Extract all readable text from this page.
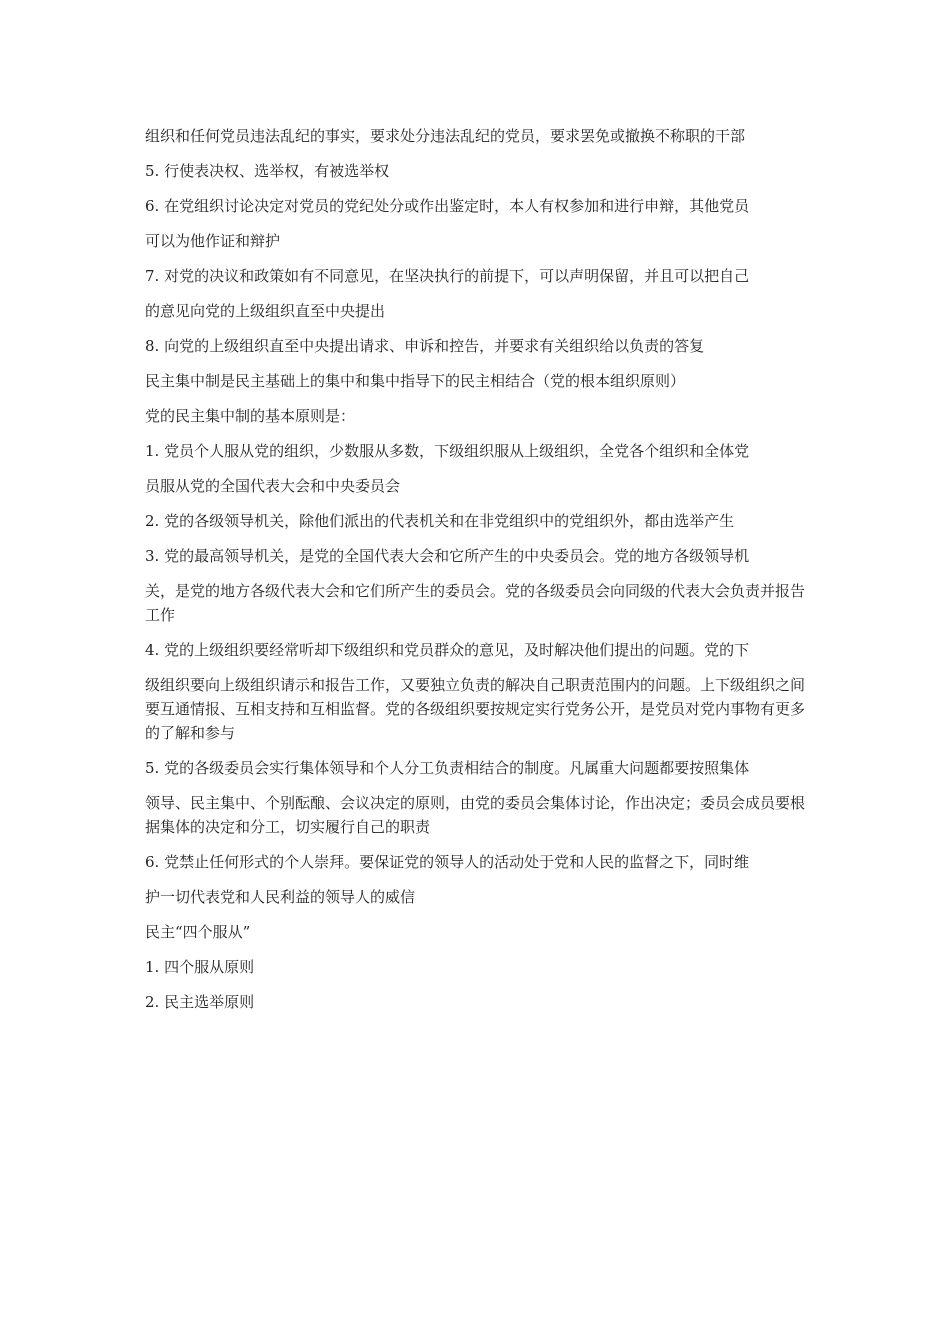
组织和任何党员违法乱纪的事实，要求处分违法乱纪的党员，要求罢免或撤换不称职的干部

5. 行使表决权、选举权，有被选举权

6. 在党组织讨论决定对党员的党纪处分或作出鉴定时，本人有权参加和进行申辩，其他党员

可以为他作证和辩护

7. 对党的决议和政策如有不同意见，在坚决执行的前提下，可以声明保留，并且可以把自己

的意见向党的上级组织直至中央提出

8. 向党的上级组织直至中央提出请求、申诉和控告，并要求有关组织给以负责的答复

民主集中制是民主基础上的集中和集中指导下的民主相结合（党的根本组织原则）

党的民主集中制的基本原则是：

1. 党员个人服从党的组织，少数服从多数，下级组织服从上级组织，全党各个组织和全体党

员服从党的全国代表大会和中央委员会

2. 党的各级领导机关，除他们派出的代表机关和在非党组织中的党组织外，都由选举产生

3. 党的最高领导机关，是党的全国代表大会和它所产生的中央委员会。党的地方各级领导机

关，是党的地方各级代表大会和它们所产生的委员会。党的各级委员会向同级的代表大会负责并报告工作

4. 党的上级组织要经常听却下级组织和党员群众的意见，及时解决他们提出的问题。党的下

级组织要向上级组织请示和报告工作，又要独立负责的解决自己职责范围内的问题。上下级组织之间要互通情报、互相支持和互相监督。党的各级组织要按规定实行党务公开，是党员对党内事物有更多的了解和参与

5. 党的各级委员会实行集体领导和个人分工负责相结合的制度。凡属重大问题都要按照集体

领导、民主集中、个别酝酿、会议决定的原则，由党的委员会集体讨论，作出决定；委员会成员要根据集体的决定和分工，切实履行自己的职责

6. 党禁止任何形式的个人崇拜。要保证党的领导人的活动处于党和人民的监督之下，同时维

护一切代表党和人民利益的领导人的威信

民主“四个服从”

1. 四个服从原则

2. 民主选举原则
